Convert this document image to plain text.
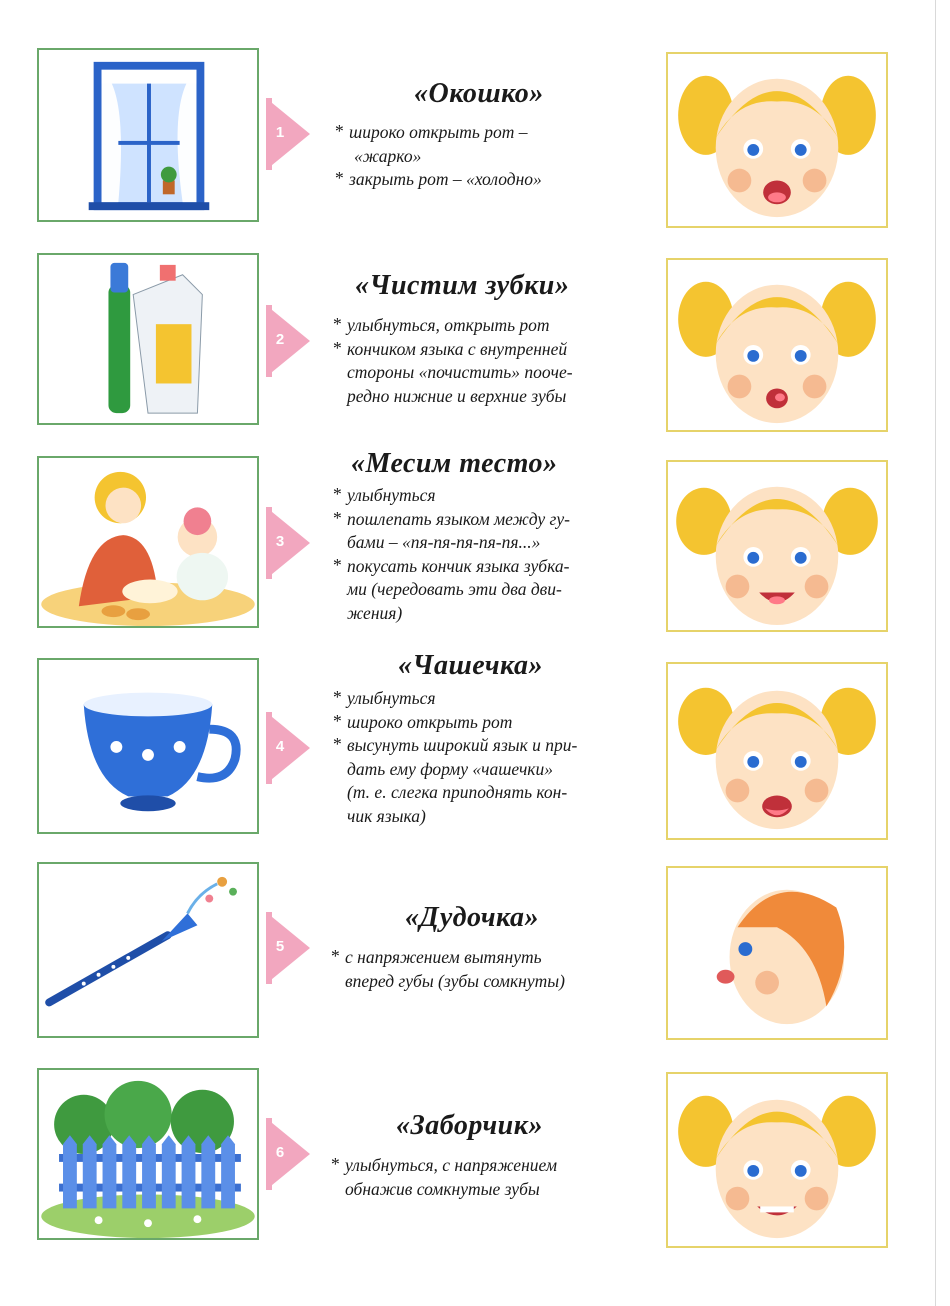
1
«Окошко»
* широко открыть рот –
«жарко»
* закрыть рот – «холодно»
2
«Чистим зубки»
* улыбнуться, открыть рот
* кончиком языка с внутренней
стороны «почистить» поoче-
редно нижние и верхние зубы
3
«Месим тесто»
* улыбнуться
* пошлепать языком между гу-
бами – «пя-пя-пя-пя-пя...»
* покусать кончик языка зубка-
ми (чередовать эти два дви-
жения)
4
«Чашечка»
* улыбнуться
* широко открыть рот
* высунуть широкий язык и при-
дать ему форму «чашечки»
(т. е. слегка приподнять кон-
чик языка)
5
«Дудочка»
* с напряжением вытянуть
вперед губы (зубы сомкнуты)
6
«Заборчик»
* улыбнуться, с напряжением
обнажив сомкнутые зубы
